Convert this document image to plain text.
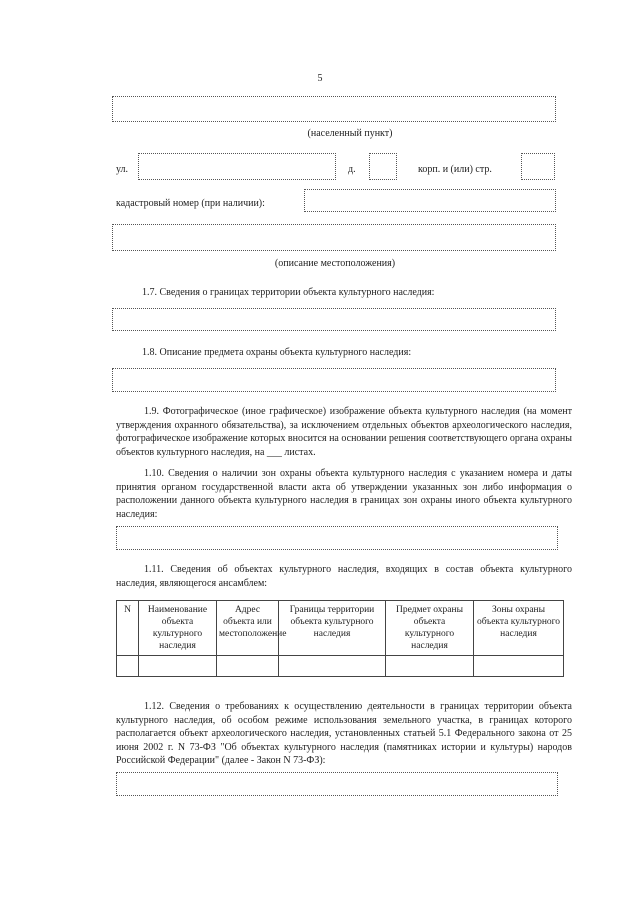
5
(населенный пункт)
ул.	д.	корп. и (или) стр.
кадастровый номер (при наличии):
(описание местоположения)
1.7. Сведения о границах территории объекта культурного наследия:
1.8. Описание предмета охраны объекта культурного наследия:
1.9. Фотографическое (иное графическое) изображение объекта культурного наследия (на момент утверждения охранного обязательства), за исключением отдельных объектов археологического наследия, фотографическое изображение которых вносится на основании решения соответствующего органа охраны объектов культурного наследия, на ___ листах.
1.10. Сведения о наличии зон охраны объекта культурного наследия с указанием номера и даты принятия органом государственной власти акта об утверждении указанных зон либо информация о расположении данного объекта культурного наследия в границах зон охраны иного объекта культурного наследия:
1.11. Сведения об объектах культурного наследия, входящих в состав объекта культурного наследия, являющегося ансамблем:
N	Наименование объекта культурного наследия	Адрес объекта или местоположение	Границы территории объекта культурного наследия	Предмет охраны объекта культурного наследия	Зоны охраны объекта культурного наследия

1.12. Сведения о требованиях к осуществлению деятельности в границах территории объекта культурного наследия, об особом режиме использования земельного участка, в границах которого располагается объект археологического наследия, установленных статьей 5.1 Федерального закона от 25 июня 2002 г. N 73-ФЗ "Об объектах культурного наследия (памятниках истории и культуры) народов Российской Федерации" (далее - Закон N 73-ФЗ):
